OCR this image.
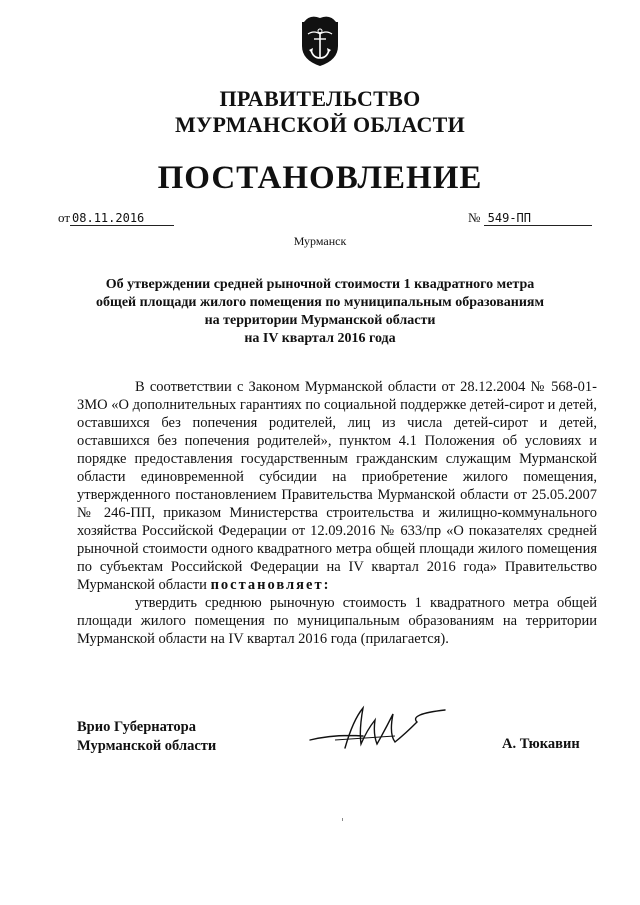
ПРАВИТЕЛЬСТВО
МУРМАНСКОЙ ОБЛАСТИ
ПОСТАНОВЛЕНИЕ
от 08.11.2016	№ 549-ПП
Мурманск
Об утверждении средней рыночной стоимости 1 квадратного метра
общей площади жилого помещения по муниципальным образованиям
на территории Мурманской области
на IV квартал 2016 года

В соответствии с Законом Мурманской области от 28.12.2004 № 568-01-ЗМО «О дополнительных гарантиях по социальной поддержке детей-сирот и детей, оставшихся без попечения родителей, лиц из числа детей-сирот и детей, оставшихся без попечения родителей», пунктом 4.1 Положения об условиях и порядке предоставления государственным гражданским служащим Мурманской области единовременной субсидии на приобретение жилого помещения, утвержденного постановлением Правительства Мурманской области от 25.05.2007 № 246-ПП, приказом Министерства строительства и жилищно-коммунального хозяйства Российской Федерации от 12.09.2016 № 633/пр «О показателях средней рыночной стоимости одного квадратного метра общей площади жилого помещения по субъектам Российской Федерации на IV квартал 2016 года» Правительство Мурманской области постановляет:

утвердить среднюю рыночную стоимость 1 квадратного метра общей площади жилого помещения по муниципальным образованиям на территории Мурманской области на IV квартал 2016 года (прилагается).

Врио Губернатора
Мурманской области	А. Тюкавин
